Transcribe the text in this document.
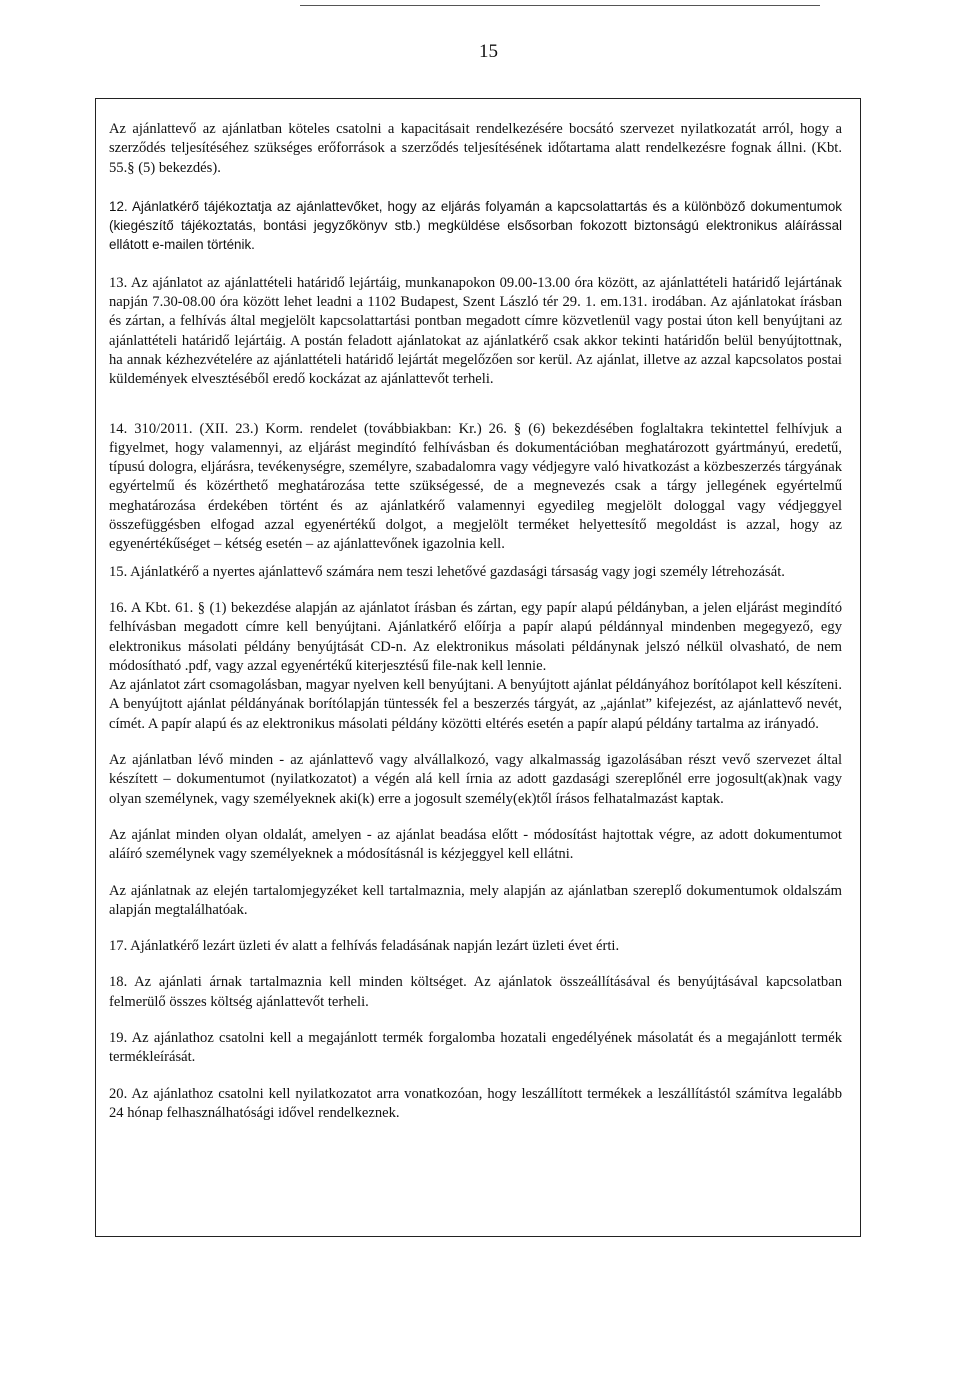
15

Az ajánlattevő az ajánlatban köteles csatolni a kapacitásait rendelkezésére bocsátó szervezet nyilatkozatát arról, hogy a szerződés teljesítéséhez szükséges erőforrások a szerződés teljesítésének időtartama alatt rendelkezésre fognak állni. (Kbt. 55.§ (5) bekezdés).

12. Ajánlatkérő tájékoztatja az ajánlattevőket, hogy az eljárás folyamán a kapcsolattartás és a különböző dokumentumok (kiegészítő tájékoztatás, bontási jegyzőkönyv stb.) megküldése elsősorban fokozott biztonságú elektronikus aláírással ellátott e-mailen történik.

13. Az ajánlatot az ajánlattételi határidő lejártáig, munkanapokon 09.00-13.00 óra között, az ajánlattételi határidő lejártának napján 7.30-08.00 óra között lehet leadni a 1102 Budapest, Szent László tér 29. 1. em.131. irodában. Az ajánlatokat írásban és zártan, a felhívás által megjelölt kapcsolattartási pontban megadott címre közvetlenül vagy postai úton kell benyújtani az ajánlattételi határidő lejártáig. A postán feladott ajánlatokat az ajánlatkérő csak akkor tekinti határidőn belül benyújtottnak, ha annak kézhezvételére az ajánlattételi határidő lejártát megelőzően sor kerül. Az ajánlat, illetve az azzal kapcsolatos postai küldemények elvesztéséből eredő kockázat az ajánlattevőt terheli.

14. 310/2011. (XII. 23.) Korm. rendelet (továbbiakban: Kr.) 26. § (6) bekezdésében foglaltakra tekintettel felhívjuk a figyelmet, hogy valamennyi, az eljárást megindító felhívásban és dokumentációban meghatározott gyártmányú, eredetű, típusú dologra, eljárásra, tevékenységre, személyre, szabadalomra vagy védjegyre való hivatkozást a közbeszerzés tárgyának egyértelmű és közérthető meghatározása tette szükségessé, de a megnevezés csak a tárgy jellegének egyértelmű meghatározása érdekében történt és az ajánlatkérő valamennyi egyedileg megjelölt dologgal vagy védjeggyel összefüggésben elfogad azzal egyenértékű dolgot, a megjelölt terméket helyettesítő megoldást is azzal, hogy az egyenértékűséget – kétség esetén – az ajánlattevőnek igazolnia kell.

15. Ajánlatkérő a nyertes ajánlattevő számára nem teszi lehetővé gazdasági társaság vagy jogi személy létrehozását.

16. A Kbt. 61. § (1) bekezdése alapján az ajánlatot írásban és zártan, egy papír alapú példányban, a jelen eljárást megindító felhívásban megadott címre kell benyújtani. Ajánlatkérő előírja a papír alapú példánnyal mindenben megegyező, egy elektronikus másolati példány benyújtását CD-n. Az elektronikus másolati példánynak jelszó nélkül olvasható, de nem módosítható .pdf, vagy azzal egyenértékű kiterjesztésű file-nak kell lennie.

Az ajánlatot zárt csomagolásban, magyar nyelven kell benyújtani. A benyújtott ajánlat példányához borítólapot kell készíteni. A benyújtott ajánlat példányának borítólapján tüntessék fel a beszerzés tárgyát, az „ajánlat” kifejezést, az ajánlattevő nevét, címét. A papír alapú és az elektronikus másolati példány közötti eltérés esetén a papír alapú példány tartalma az irányadó.

Az ajánlatban lévő minden - az ajánlattevő vagy alvállalkozó, vagy alkalmasság igazolásában részt vevő szervezet által készített – dokumentumot (nyilatkozatot) a végén alá kell írnia az adott gazdasági szereplőnél erre jogosult(ak)nak vagy olyan személynek, vagy személyeknek aki(k) erre a jogosult személy(ek)től írásos felhatalmazást kaptak.

Az ajánlat minden olyan oldalát, amelyen - az ajánlat beadása előtt - módosítást hajtottak végre, az adott dokumentumot aláíró személynek vagy személyeknek a módosításnál is kézjeggyel kell ellátni.

Az ajánlatnak az elején tartalomjegyzéket kell tartalmaznia, mely alapján az ajánlatban szereplő dokumentumok oldalszám alapján megtalálhatóak.

17. Ajánlatkérő lezárt üzleti év alatt a felhívás feladásának napján lezárt üzleti évet érti.

18. Az ajánlati árnak tartalmaznia kell minden költséget. Az ajánlatok összeállításával és benyújtásával kapcsolatban felmerülő összes költség ajánlattevőt terheli.

19. Az ajánlathoz csatolni kell a megajánlott termék forgalomba hozatali engedélyének másolatát és a megajánlott termék termékleírását.

20. Az ajánlathoz csatolni kell nyilatkozatot arra vonatkozóan, hogy leszállított termékek a leszállítástól számítva legalább 24 hónap felhasználhatósági idővel rendelkeznek.
